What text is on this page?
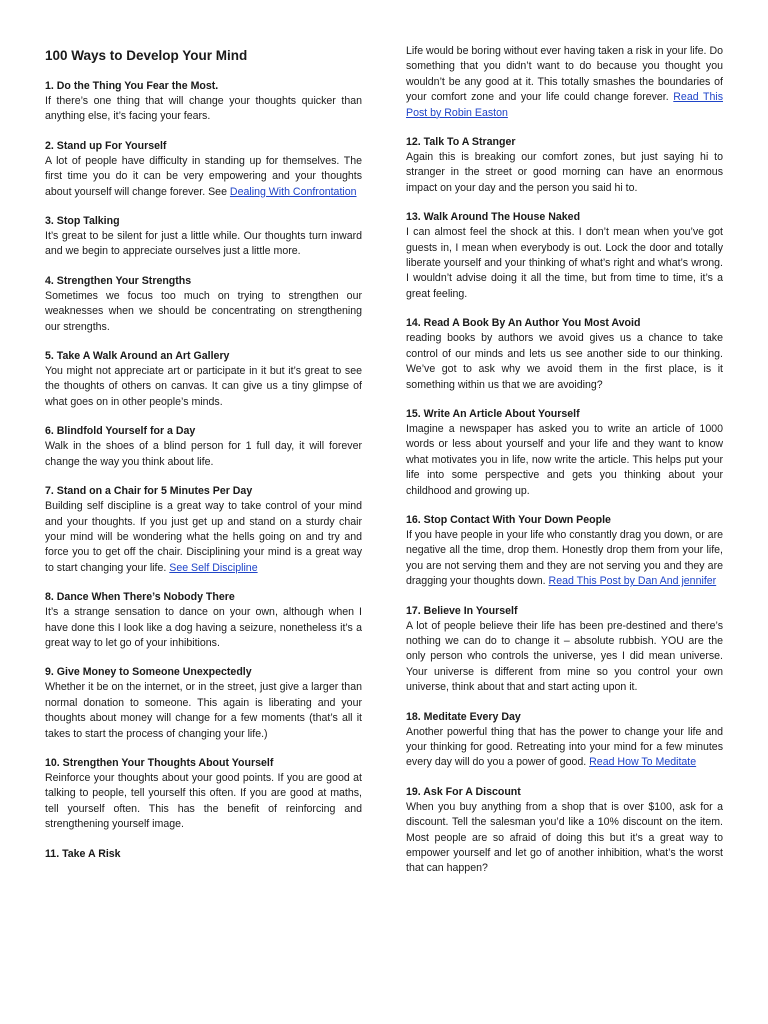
100 Ways to Develop Your Mind
1. Do the Thing You Fear the Most.
If there’s one thing that will change your thoughts quicker than anything else, it’s facing your fears.
2. Stand up For Yourself
A lot of people have difficulty in standing up for themselves. The first time you do it can be very empowering and your thoughts about yourself will change forever. See Dealing With Confrontation
3. Stop Talking
It’s great to be silent for just a little while. Our thoughts turn inward and we begin to appreciate ourselves just a little more.
4. Strengthen Your Strengths
Sometimes we focus too much on trying to strengthen our weaknesses when we should be concentrating on strengthening our strengths.
5. Take A Walk Around an Art Gallery
You might not appreciate art or participate in it but it’s great to see the thoughts of others on canvas. It can give us a tiny glimpse of what goes on in other people’s minds.
6. Blindfold Yourself for a Day
Walk in the shoes of a blind person for 1 full day, it will forever change the way you think about life.
7. Stand on a Chair for 5 Minutes Per Day
Building self discipline is a great way to take control of your mind and your thoughts. If you just get up and stand on a sturdy chair your mind will be wondering what the hells going on and try and force you to get off the chair. Disciplining your mind is a great way to start changing your life. See Self Discipline
8. Dance When There’s Nobody There
It’s a strange sensation to dance on your own, although when I have done this I look like a dog having a seizure, nonetheless it’s a great way to let go of your inhibitions.
9. Give Money to Someone Unexpectedly
Whether it be on the internet, or in the street, just give a larger than normal donation to someone. This again is liberating and your thoughts about money will change for a few moments (that’s all it takes to start the process of changing your life.)
10. Strengthen Your Thoughts About Yourself
Reinforce your thoughts about your good points. If you are good at talking to people, tell yourself this often. If you are good at maths, tell yourself often. This has the benefit of reinforcing and strengthening yourself image.
11. Take A Risk
Life would be boring without ever having taken a risk in your life. Do something that you didn’t want to do because you thought you wouldn’t be any good at it. This totally smashes the boundaries of your comfort zone and your life could change forever. Read This Post by Robin Easton
12. Talk To A Stranger
Again this is breaking our comfort zones, but just saying hi to stranger in the street or good morning can have an enormous impact on your day and the person you said hi to.
13. Walk Around The House Naked
I can almost feel the shock at this. I don’t mean when you’ve got guests in, I mean when everybody is out. Lock the door and totally liberate yourself and your thinking of what’s right and what’s wrong. I wouldn’t advise doing it all the time, but from time to time, it’s a great feeling.
14. Read A Book By An Author You Most Avoid
reading books by authors we avoid gives us a chance to take control of our minds and lets us see another side to our thinking. We’ve got to ask why we avoid them in the first place, is it something within us that we are avoiding?
15. Write An Article About Yourself
Imagine a newspaper has asked you to write an article of 1000 words or less about yourself and your life and they want to know what motivates you in life, now write the article. This helps put your life into some perspective and gets you thinking about your childhood and growing up.
16. Stop Contact With Your Down People
If you have people in your life who constantly drag you down, or are negative all the time, drop them. Honestly drop them from your life, you are not serving them and they are not serving you and they are dragging your thoughts down. Read This Post by Dan And jennifer
17. Believe In Yourself
A lot of people believe their life has been pre-destined and there’s nothing we can do to change it – absolute rubbish. YOU are the only person who controls the universe, yes I did mean universe. Your universe is different from mine so you control your own universe, think about that and start acting upon it.
18. Meditate Every Day
Another powerful thing that has the power to change your life and your thinking for good. Retreating into your mind for a few minutes every day will do you a power of good. Read How To Meditate
19. Ask For A Discount
When you buy anything from a shop that is over $100, ask for a discount. Tell the salesman you’d like a 10% discount on the item. Most people are so afraid of doing this but it’s a great way to empower yourself and let go of another inhibition, what’s the worst that can happen?
